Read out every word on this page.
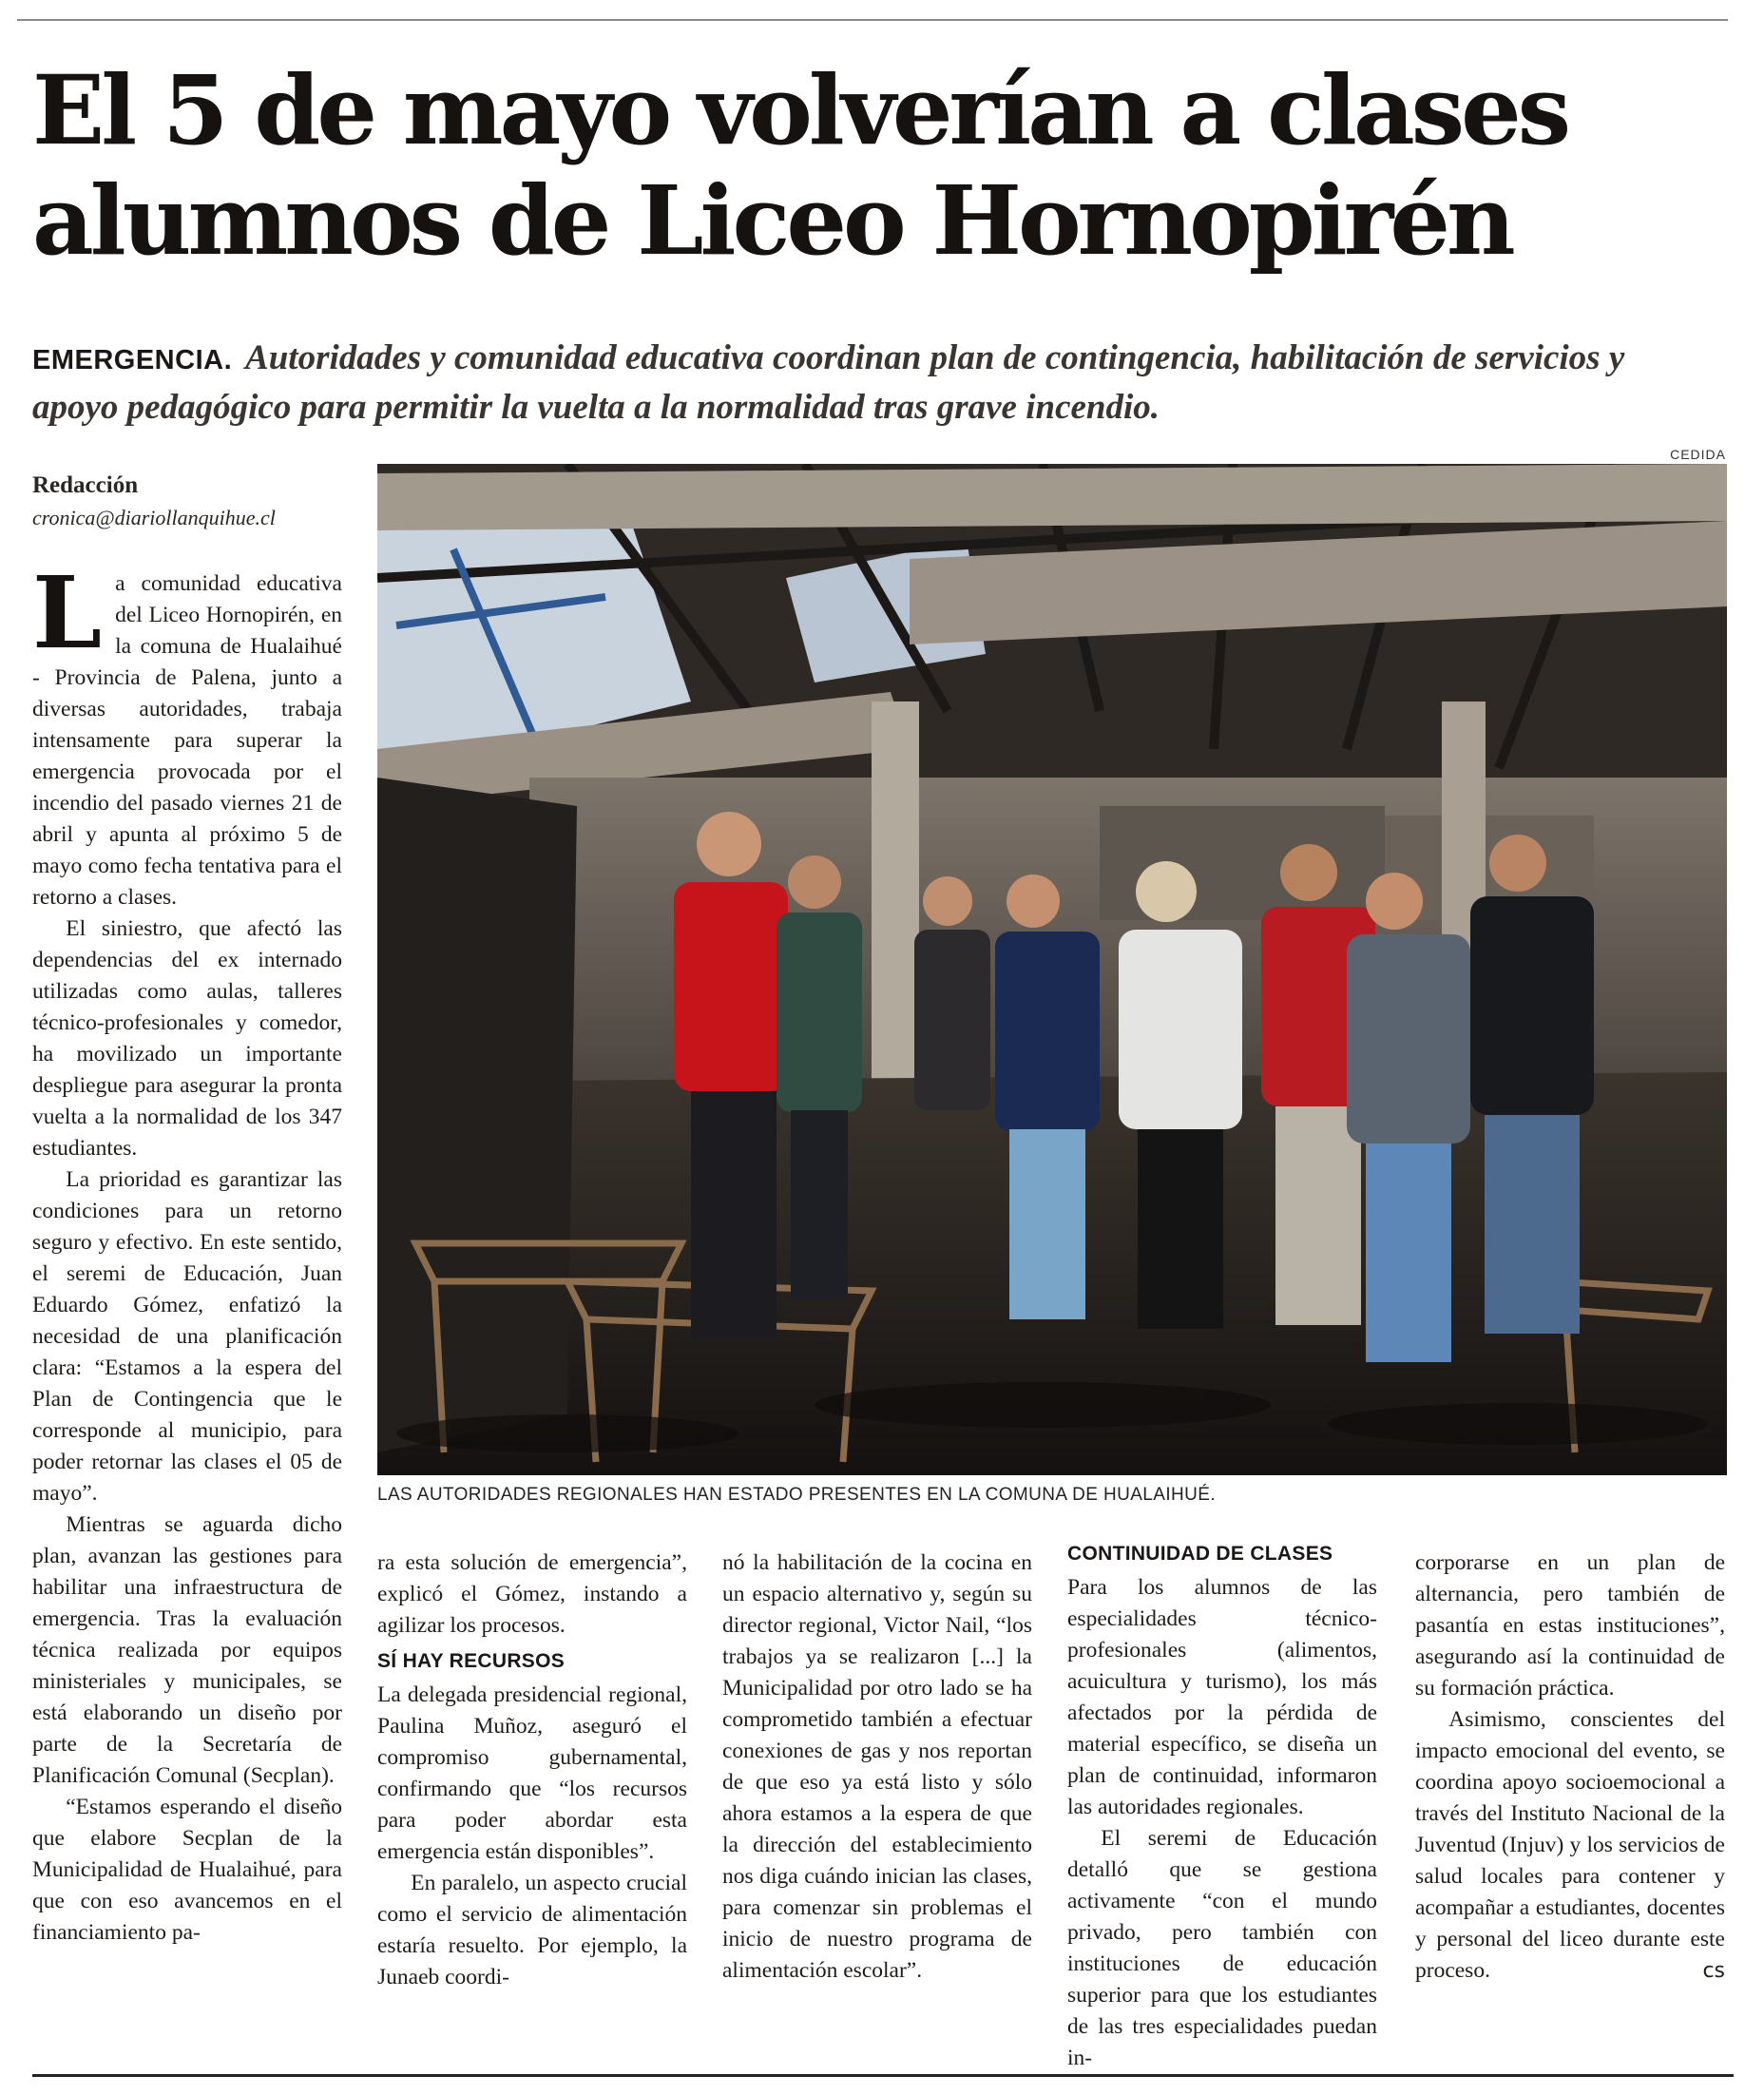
El 5 de mayo volverían a clases
alumnos de Liceo Hornopirén
EMERGENCIA. Autoridades y comunidad educativa coordinan plan de contingencia, habilitación de servicios y apoyo pedagógico para permitir la vuelta a la normalidad tras grave incendio.
Redacción
cronica@diariollanquihue.cl
CEDIDA
LAS AUTORIDADES REGIONALES HAN ESTADO PRESENTES EN LA COMUNA DE HUALAIHUÉ.

La comunidad educativa del Liceo Hornopirén, en la comuna de Hualaihué - Provincia de Palena, junto a diversas autoridades, trabaja intensamente para superar la emergencia provocada por el incendio del pasado viernes 21 de abril y apunta al próximo 5 de mayo como fecha tentativa para el retorno a clases.

El siniestro, que afectó las dependencias del ex internado utilizadas como aulas, talleres técnico-profesionales y comedor, ha movilizado un importante despliegue para asegurar la pronta vuelta a la normalidad de los 347 estudiantes.

La prioridad es garantizar las condiciones para un retorno seguro y efectivo. En este sentido, el seremi de Educación, Juan Eduardo Gómez, enfatizó la necesidad de una planificación clara: “Estamos a la espera del Plan de Contingencia que le corresponde al municipio, para poder retornar las clases el 05 de mayo”.

Mientras se aguarda dicho plan, avanzan las gestiones para habilitar una infraestructura de emergencia. Tras la evaluación técnica realizada por equipos ministeriales y municipales, se está elaborando un diseño por parte de la Secretaría de Planificación Comunal (Secplan).

“Estamos esperando el diseño que elabore Secplan de la Municipalidad de Hualaihué, para que con eso avancemos en el financiamiento pa-

ra esta solución de emergencia”, explicó el Gómez, instando a agilizar los procesos.

SÍ HAY RECURSOS

La delegada presidencial regional, Paulina Muñoz, aseguró el compromiso gubernamental, confirmando que “los recursos para poder abordar esta emergencia están disponibles”.

En paralelo, un aspecto crucial como el servicio de alimentación estaría resuelto. Por ejemplo, la Junaeb coordi-

nó la habilitación de la cocina en un espacio alternativo y, según su director regional, Victor Nail, “los trabajos ya se realizaron [...] la Municipalidad por otro lado se ha comprometido también a efectuar conexiones de gas y nos reportan de que eso ya está listo y sólo ahora estamos a la espera de que la dirección del establecimiento nos diga cuándo inician las clases, para comenzar sin problemas el inicio de nuestro programa de alimentación escolar”.

CONTINUIDAD DE CLASES

Para los alumnos de las especialidades técnico-profesionales (alimentos, acuicultura y turismo), los más afectados por la pérdida de material específico, se diseña un plan de continuidad, informaron las autoridades regionales.

El seremi de Educación detalló que se gestiona activamente “con el mundo privado, pero también con instituciones de educación superior para que los estudiantes de las tres especialidades puedan in-

corporarse en un plan de alternancia, pero también de pasantía en estas instituciones”, asegurando así la continuidad de su formación práctica.

Asimismo, conscientes del impacto emocional del evento, se coordina apoyo socioemocional a través del Instituto Nacional de la Juventud (Injuv) y los servicios de salud locales para contener y acompañar a estudiantes, docentes y personal del liceo durante este proceso.	cs
